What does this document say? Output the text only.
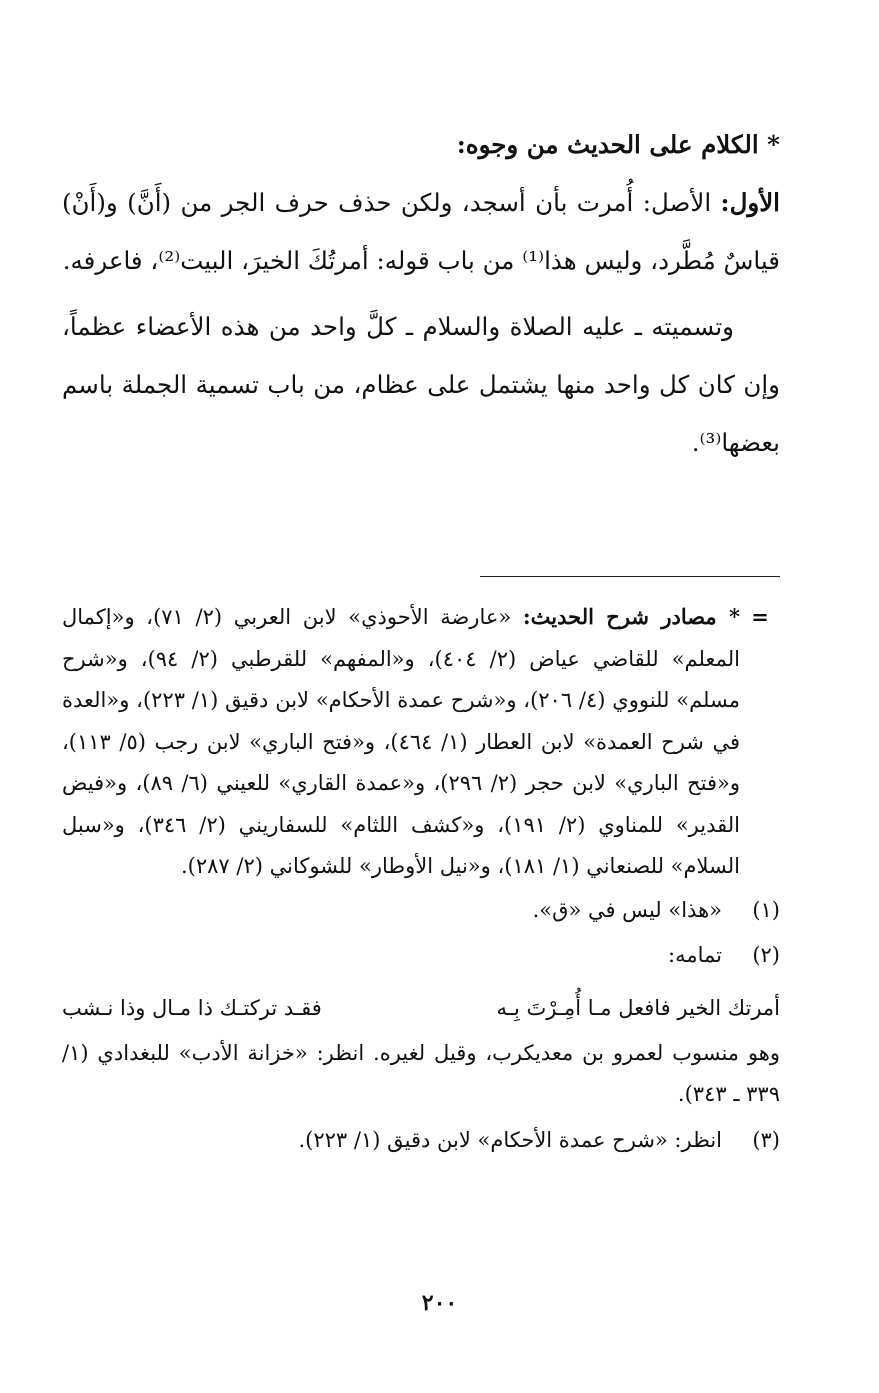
* الكلام على الحديث من وجوه:

الأول: الأصل: أُمرت بأن أسجد، ولكن حذف حرف الجر من (أَنَّ) و(أَنْ) قياسٌ مُطَّرد، وليس هذا⁽¹⁾ من باب قوله: أمرتُكَ الخيرَ، البيت⁽²⁾، فاعرفه.

وتسميته ـ عليه الصلاة والسلام ـ كلَّ واحد من هذه الأعضاء عظماً، وإن كان كل واحد منها يشتمل على عظام، من باب تسمية الجملة باسم بعضها⁽³⁾.

=
* مصادر شرح الحديث: «عارضة الأحوذي» لابن العربي (٢/ ٧١)، و«إكمال المعلم» للقاضي عياض (٢/ ٤٠٤)، و«المفهم» للقرطبي (٢/ ٩٤)، و«شرح مسلم» للنووي (٤/ ٢٠٦)، و«شرح عمدة الأحكام» لابن دقيق (١/ ٢٢٣)، و«العدة في شرح العمدة» لابن العطار (١/ ٤٦٤)، و«فتح الباري» لابن رجب (٥/ ١١٣)، و«فتح الباري» لابن حجر (٢/ ٢٩٦)، و«عمدة القاري» للعيني (٦/ ٨٩)، و«فيض القدير» للمناوي (٢/ ١٩١)، و«كشف اللثام» للسفاريني (٢/ ٣٤٦)، و«سبل السلام» للصنعاني (١/ ١٨١)، و«نيل الأوطار» للشوكاني (٢/ ٢٨٧).
(١)
«هذا» ليس في «ق».
(٢)
تمامه:
أمرتك الخير فافعل مـا أُمِـرْتَ بِـه
فقـد تركتـك ذا مـال وذا نـشب
وهو منسوب لعمرو بن معديكرب، وقيل لغيره. انظر: «خزانة الأدب» للبغدادي (١/ ٣٣٩ ـ ٣٤٣).
(٣)
انظر: «شرح عمدة الأحكام» لابن دقيق (١/ ٢٢٣).
٢٠٠
